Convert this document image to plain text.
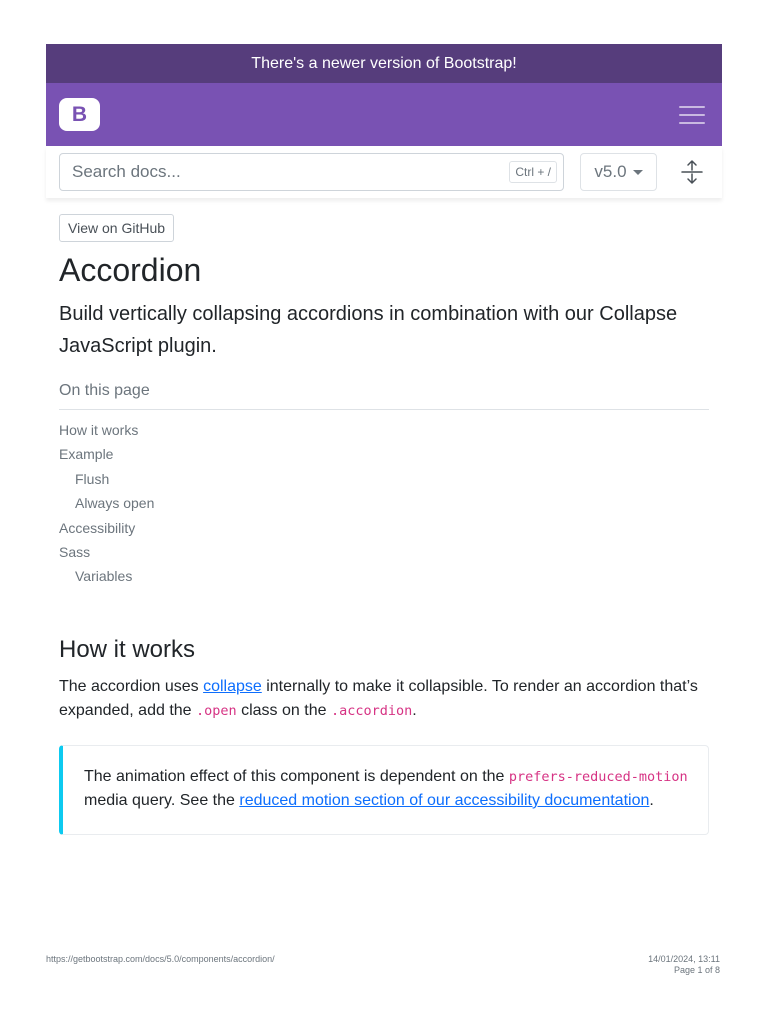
There's a newer version of Bootstrap!
B
Search docs...
Ctrl + /	v5.0
View on GitHub
Accordion

Build vertically collapsing accordions in combination with our Collapse JavaScript plugin.

On this page
How it works
Example
Flush
Always open
Accessibility
Sass
Variables
How it works

The accordion uses collapse internally to make it collapsible. To render an accordion that’s expanded, add the .open class on the .accordion.

The animation effect of this component is dependent on the prefers-reduced-motion media query. See the reduced motion section of our accessibility documentation.
https://getbootstrap.com/docs/5.0/components/accordion/	14/01/2024, 13:11
Page 1 of 8
